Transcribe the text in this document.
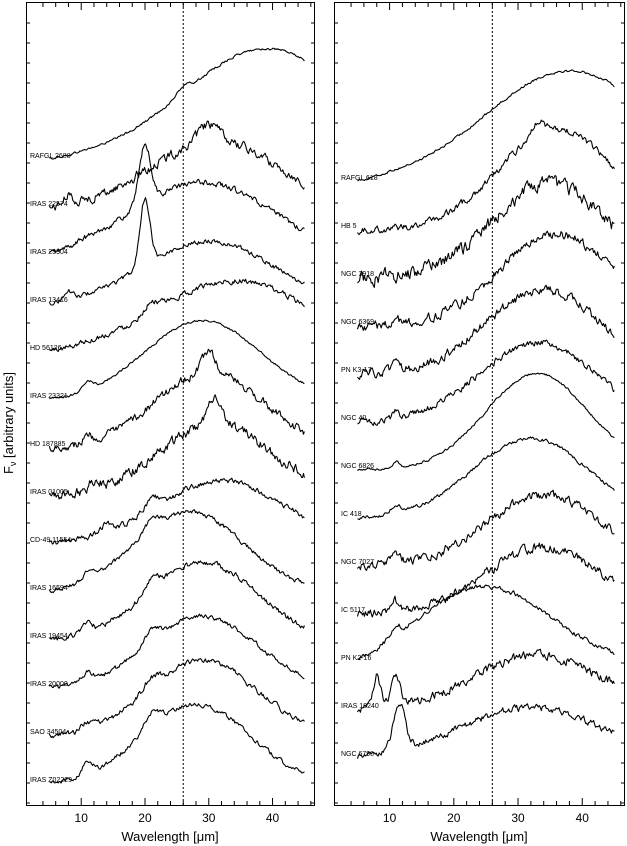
$F_\nu$ [arbitrary units]
10	20	30	40
RAFGL 2688
IRAS 22574
IRAS 23304
IRAS 13416
HD 56126
IRAS 23321
HD 187885
IRAS 01005
CD-49 11554
IRAS 16594
IRAS 19454
IRAS 20000
SAO 34504
IRAS Z02229
Wavelength [μm]
10	20	30	40
RAFGL 618
HB 5
NGC 3918
NGC 6369
PN K3-17
NGC 40
NGC 6826
IC 418
NGC 7027
IC 5117
PN K2-16
IRAS 18240
NGC 6790
Wavelength [μm]
